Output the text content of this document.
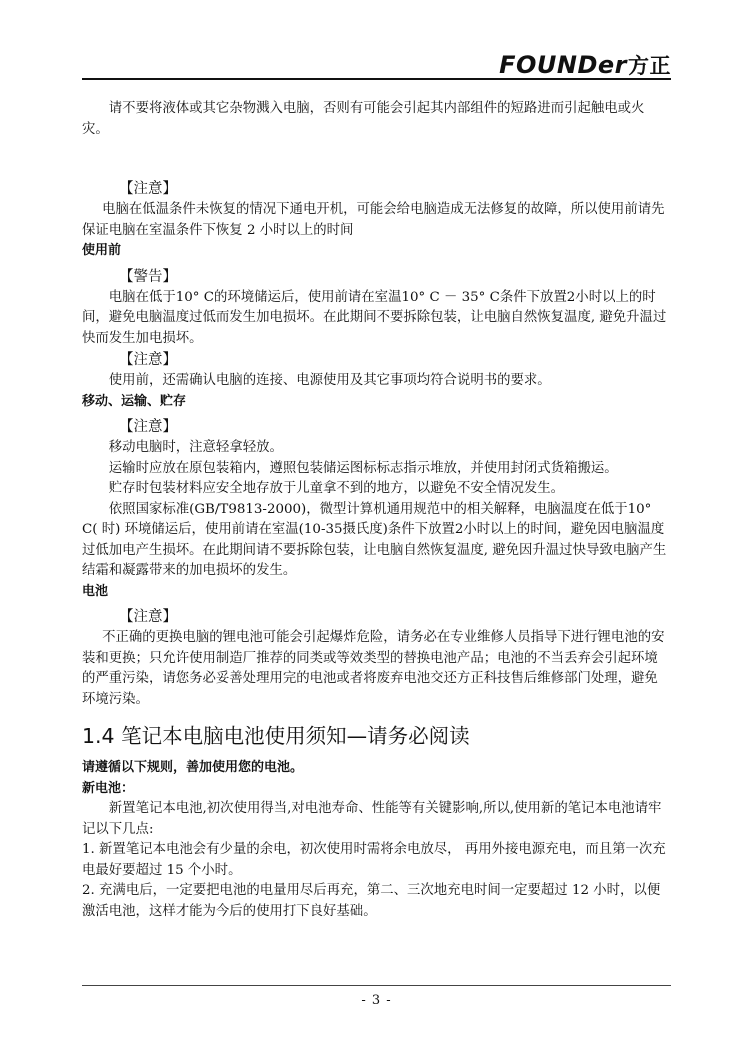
FOUNDer方正

请不要将液体或其它杂物溅入电脑，否则有可能会引起其内部组件的短路进而引起触电或火灾。

【注意】

电脑在低温条件未恢复的情况下通电开机，可能会给电脑造成无法修复的故障，所以使用前请先保证电脑在室温条件下恢复 2 小时以上的时间

使用前

【警告】

电脑在低于10° C的环境储运后，使用前请在室温10° C － 35° C条件下放置2小时以上的时间，避免电脑温度过低而发生加电损坏。在此期间不要拆除包装，让电脑自然恢复温度, 避免升温过快而发生加电损坏。

【注意】

使用前，还需确认电脑的连接、电源使用及其它事项均符合说明书的要求。

移动、运输、贮存

【注意】

移动电脑时，注意轻拿轻放。

运输时应放在原包装箱内，遵照包装储运图标标志指示堆放，并使用封闭式货箱搬运。

贮存时包装材料应安全地存放于儿童拿不到的地方，以避免不安全情况发生。

依照国家标准(GB/T9813-2000)，微型计算机通用规范中的相关解释，电脑温度在低于10° C( 时) 环境储运后，使用前请在室温(10-35摄氏度)条件下放置2小时以上的时间，避免因电脑温度过低加电产生损坏。在此期间请不要拆除包装，让电脑自然恢复温度, 避免因升温过快导致电脑产生结霜和凝露带来的加电损坏的发生。

电池

【注意】

不正确的更换电脑的锂电池可能会引起爆炸危险，请务必在专业维修人员指导下进行锂电池的安装和更换；只允许使用制造厂推荐的同类或等效类型的替换电池产品；电池的不当丢弃会引起环境的严重污染，请您务必妥善处理用完的电池或者将废弃电池交还方正科技售后维修部门处理，避免环境污染。

1.4 笔记本电脑电池使用须知—请务必阅读

请遵循以下规则，善加使用您的电池。

新电池：

新置笔记本电池,初次使用得当,对电池寿命、性能等有关键影响,所以,使用新的笔记本电池请牢记以下几点:

1. 新置笔记本电池会有少量的余电，初次使用时需将余电放尽， 再用外接电源充电，而且第一次充电最好要超过 15 个小时。

2. 充满电后，一定要把电池的电量用尽后再充，第二、三次地充电时间一定要超过 12 小时，以便激活电池，这样才能为今后的使用打下良好基础。

- 3 -
